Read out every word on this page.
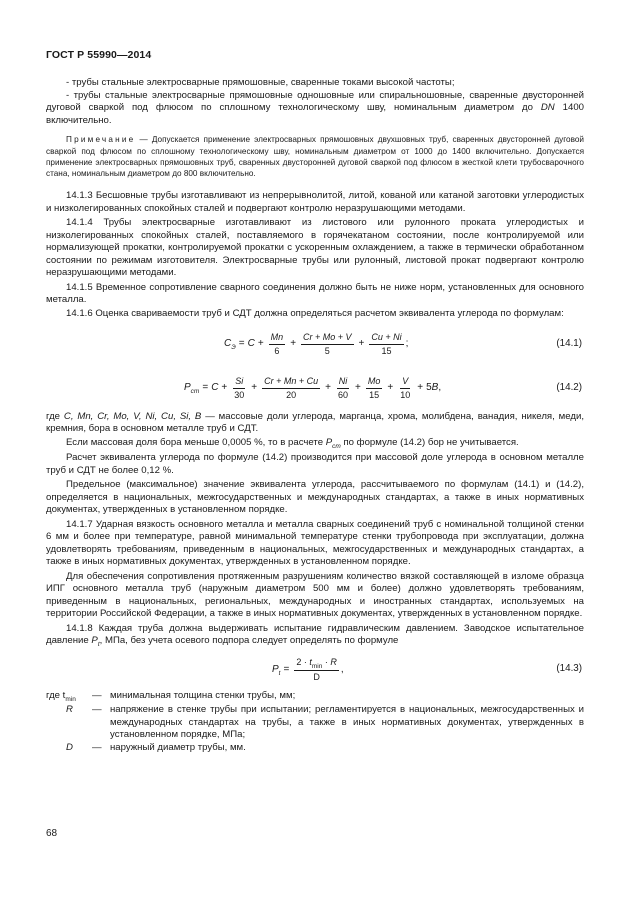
ГОСТ Р 55990—2014

- трубы стальные электросварные прямошовные, сваренные токами высокой частоты;

- трубы стальные электросварные прямошовные одношовные или спиральношовные, сваренные двусторонней дуговой сваркой под флюсом по сплошному технологическому шву, номинальным диаметром до DN 1400 включительно.

Примечание — Допускается применение электросварных прямошовных двухшовных труб, сваренных двусторонней дуговой сваркой под флюсом по сплошному технологическому шву, номинальным диаметром от 1000 до 1400 включительно. Допускается применение электросварных прямошовных труб, сваренных двусторонней дуговой сваркой под флюсом в жесткой клети трубосварочного стана, номинальным диаметром до 800 включительно.

14.1.3 Бесшовные трубы изготавливают из непрерывнолитой, литой, кованой или катаной заготовки углеродистых и низколегированных спокойных сталей и подвергают контролю неразрушающими методами.

14.1.4 Трубы электросварные изготавливают из листового или рулонного проката углеродистых и низколегированных спокойных сталей, поставляемого в горячекатаном состоянии, после контролируемой или нормализующей прокатки, контролируемой прокатки с ускоренным охлаждением, а также в термически обработанном состоянии по режимам изготовителя. Электросварные трубы или рулонный, листовой прокат подвергают контролю неразрушающими методами.

14.1.5 Временное сопротивление сварного соединения должно быть не ниже норм, установленных для основного металла.

14.1.6 Оценка свариваемости труб и СДТ должна определяться расчетом эквивалента углерода по формулам:

$C_Э = C + \frac{Mn}{6} + \frac{Cr + Mo + V}{5} + \frac{Cu + Ni}{15}$ ;	(14.1)
$P_{cm} = C + \frac{Si}{30} + \frac{Cr + Mn + Cu}{20} + \frac{Ni}{60} + \frac{Mo}{15} + \frac{V}{10} + 5$ B ,	(14.2)

где C, Mn, Cr, Mo, V, Ni, Cu, Si, B — массовые доли углерода, марганца, хрома, молибдена, ванадия, никеля, меди, кремния, бора в основном металле труб и СДТ.

Если массовая доля бора меньше 0,0005 %, то в расчете $P_{cm}$ по формуле (14.2) бор не учитывается.

Расчет эквивалента углерода по формуле (14.2) производится при массовой доле углерода в основном металле труб и СДТ не более 0,12 %.

Предельное (максимальное) значение эквивалента углерода, рассчитываемого по формулам (14.1) и (14.2), определяется в национальных, межгосударственных и международных стандартах, а также в иных нормативных документах, утвержденных в установленном порядке.

14.1.7 Ударная вязкость основного металла и металла сварных соединений труб с номинальной толщиной стенки 6 мм и более при температуре, равной минимальной температуре стенки трубопровода при эксплуатации, должна удовлетворять требованиям, приведенным в национальных, межгосударственных и международных стандартах, а также в иных нормативных документах, утвержденных в установленном порядке.

Для обеспечения сопротивления протяженным разрушениям количество вязкой составляющей в изломе образца ИПГ основного металла труб (наружным диаметром 500 мм и более) должно удовлетворять требованиям, приведенным в национальных, региональных, международных и иностранных стандартах, используемых на территории Российской Федерации, а также в иных нормативных документах, утвержденных в установленном порядке.

14.1.8 Каждая труба должна выдерживать испытание гидравлическим давлением. Заводское испытательное давление $P_t$, МПа, без учета осевого подпора следует определять по формуле

$P_t = \frac{2 \cdot t_{min} \cdot R}{D}$ ,	(14.3)
где $t_{min}$	— минимальная толщина стенки трубы, мм;
R	— напряжение в стенке трубы при испытании; регламентируется в национальных, межгосударственных и международных стандартах на трубы, а также в иных нормативных документах, утвержденных в установленном порядке, МПа;
D	— наружный диаметр трубы, мм.
68
